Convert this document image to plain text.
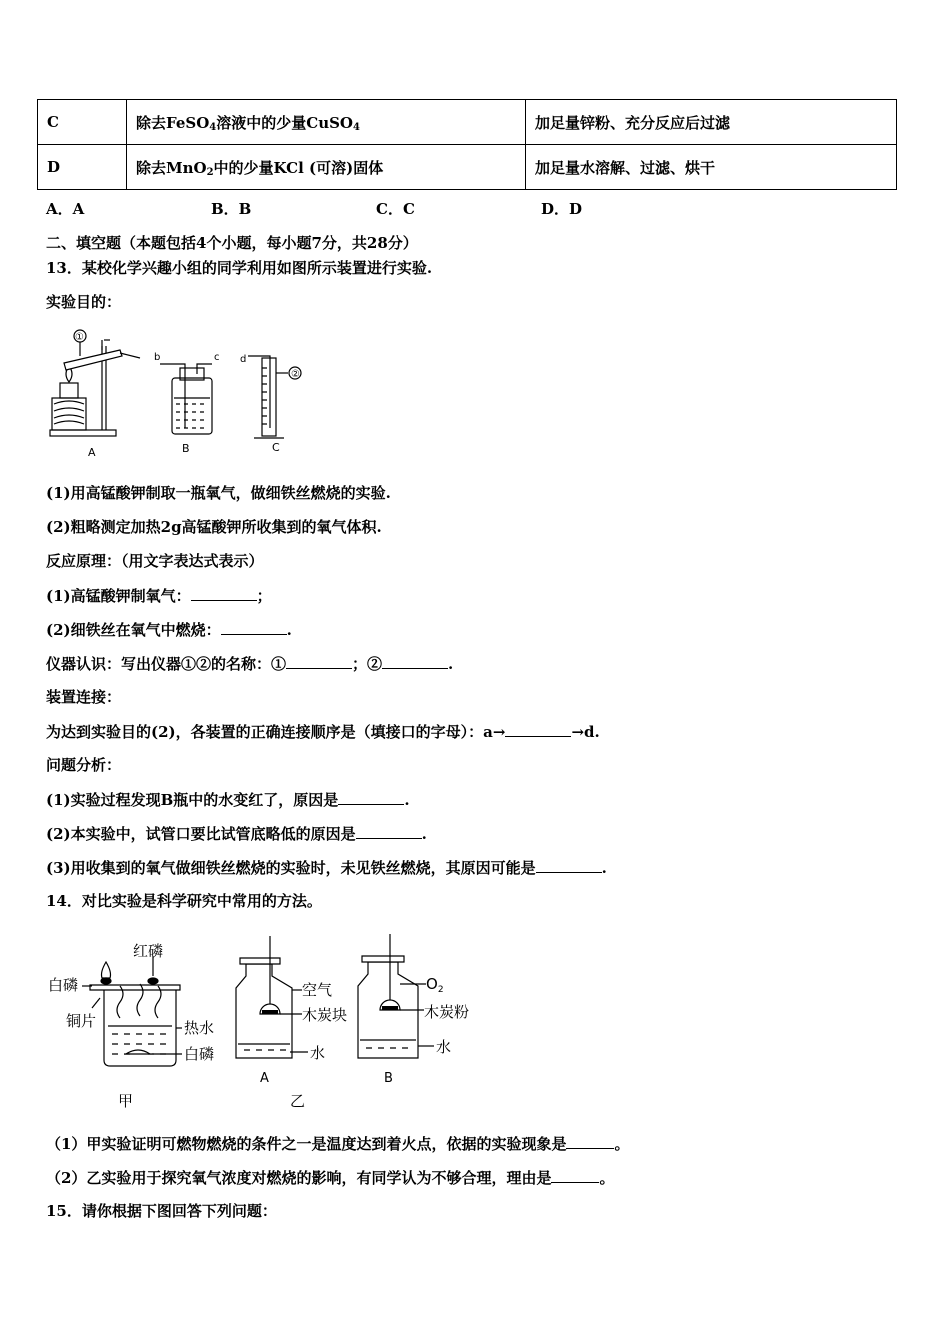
C	除去FeSO$_4$溶液中的少量CuSO$_4$	加足量锌粉、充分反应后过滤
D	除去MnO$_2$中的少量KCl (可溶)固体	加足量水溶解、过滤、烘干
A．A	B．B	C．C	D．D
二、填空题（本题包括4个小题，每小题7分，共28分）
13．某校化学兴趣小组的同学利用如图所示装置进行实验.
实验目的：
①
②
b	c d
A	B	C
(1)用高锰酸钾制取一瓶氧气，做细铁丝燃烧的实验.
(2)粗略测定加热2g高锰酸钾所收集到的氧气体积.
反应原理：（用文字表达式表示）
(1)高锰酸钾制氧气：	；
(2)细铁丝在氧气中燃烧：	.
仪器认识：写出仪器①②的名称：①	；②	.
装置连接：
为达到实验目的(2)，各装置的正确连接顺序是（填接口的字母）：a→	→d.
问题分析：
(1)实验过程发现B瓶中的水变红了，原因是	.
(2)本实验中，试管口要比试管底略低的原因是	.
(3)用收集到的氧气做细铁丝燃烧的实验时，未见铁丝燃烧，其原因可能是	.
14．对比实验是科学研究中常用的方法。
红磷
白磷
铜片	热水
白磷
甲
空气
木炭块
水
A
乙
$O_2$
木炭粉
水
B
（1）甲实验证明可燃物燃烧的条件之一是温度达到着火点，依据的实验现象是	。
（2）乙实验用于探究氧气浓度对燃烧的影响，有同学认为不够合理，理由是	。
15．请你根据下图回答下列问题：
